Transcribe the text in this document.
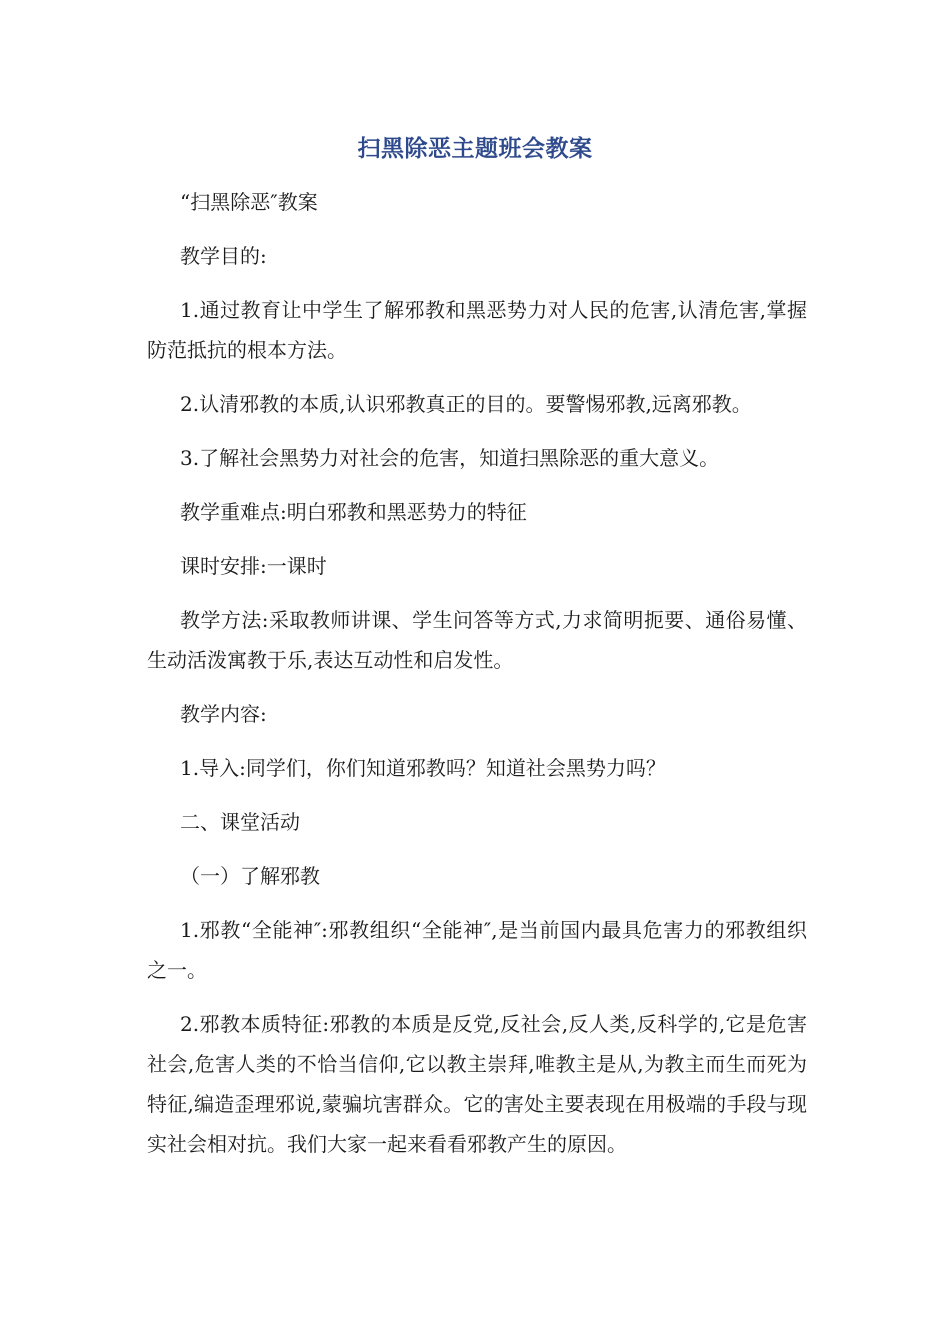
扫黑除恶主题班会教案

“扫黑除恶″教案

教学目的:

1.通过教育让中学生了解邪教和黑恶势力对人民的危害,认清危害,掌握防范抵抗的根本方法。

2.认清邪教的本质,认识邪教真正的目的。要警惕邪教,远离邪教。

3.了解社会黑势力对社会的危害，知道扫黑除恶的重大意义。

教学重难点:明白邪教和黑恶势力的特征

课时安排:一课时

教学方法:采取教师讲课、学生问答等方式,力求简明扼要、通俗易懂、生动活泼寓教于乐,表达互动性和启发性。

教学内容:

1.导入:同学们，你们知道邪教吗？知道社会黑势力吗？

二、课堂活动

（一）了解邪教

1.邪教“全能神″:邪教组织“全能神″,是当前国内最具危害力的邪教组织之一。

2.邪教本质特征:邪教的本质是反党,反社会,反人类,反科学的,它是危害社会,危害人类的不恰当信仰,它以教主崇拜,唯教主是从,为教主而生而死为特征,编造歪理邪说,蒙骗坑害群众。它的害处主要表现在用极端的手段与现实社会相对抗。我们大家一起来看看邪教产生的原因。
